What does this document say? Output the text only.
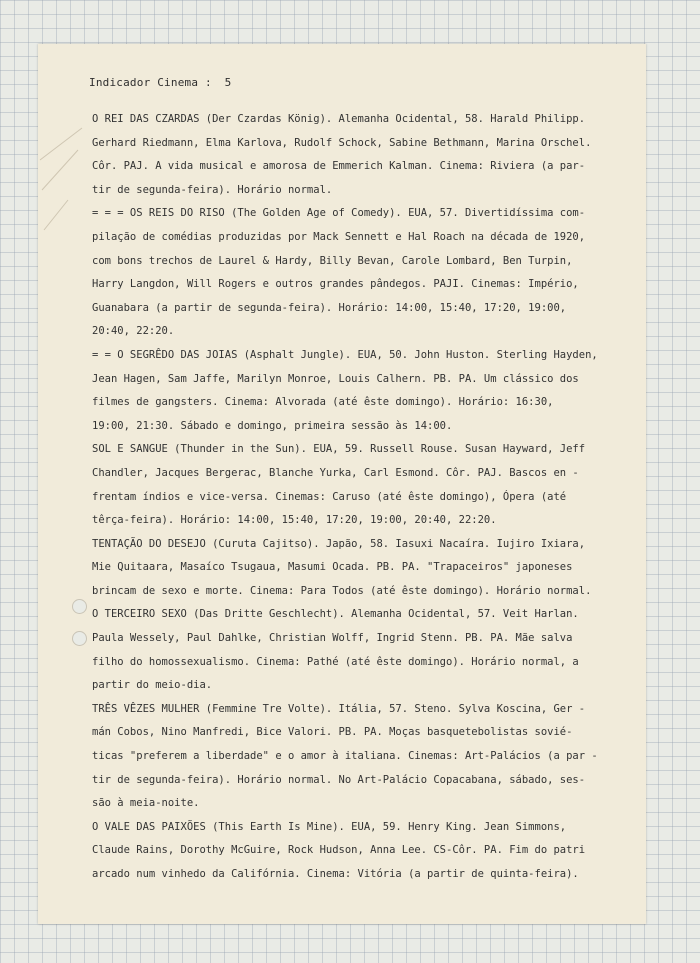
Indicador Cinema : 5
O REI DAS CZARDAS (Der Czardas König). Alemanha Ocidental, 58. Harald Philipp.
Gerhard Riedmann, Elma Karlova, Rudolf Schock, Sabine Bethmann, Marina Orschel.
Côr. PAJ. A vida musical e amorosa de Emmerich Kalman. Cinema: Riviera (a par-
tir de segunda-feira). Horário normal.
= = = OS REIS DO RISO (The Golden Age of Comedy). EUA, 57. Divertidíssima com-
pilação de comédias produzidas por Mack Sennett e Hal Roach na década de 1920,
com bons trechos de Laurel & Hardy, Billy Bevan, Carole Lombard, Ben Turpin,
Harry Langdon, Will Rogers e outros grandes pândegos. PAJI. Cinemas: Império,
Guanabara (a partir de segunda-feira). Horário: 14:00, 15:40, 17:20, 19:00,
20:40, 22:20.
= = O SEGRÊDO DAS JOIAS (Asphalt Jungle). EUA, 50. John Huston. Sterling Hayden,
Jean Hagen, Sam Jaffe, Marilyn Monroe, Louis Calhern. PB. PA. Um clássico dos
filmes de gangsters. Cinema: Alvorada (até êste domingo). Horário: 16:30,
19:00, 21:30. Sábado e domingo, primeira sessão às 14:00.
SOL E SANGUE (Thunder in the Sun). EUA, 59. Russell Rouse. Susan Hayward, Jeff
Chandler, Jacques Bergerac, Blanche Yurka, Carl Esmond. Côr. PAJ. Bascos en -
frentam índios e vice-versa. Cinemas: Caruso (até êste domingo), Ópera (até
têrça-feira). Horário: 14:00, 15:40, 17:20, 19:00, 20:40, 22:20.
TENTAÇÃO DO DESEJO (Curuta Cajitso). Japão, 58. Iasuxi Nacaíra. Iujiro Ixiara,
Mie Quitaara, Masaíco Tsugaua, Masumi Ocada. PB. PA. "Trapaceiros" japoneses
brincam de sexo e morte. Cinema: Para Todos (até êste domingo). Horário normal.
O TERCEIRO SEXO (Das Dritte Geschlecht). Alemanha Ocidental, 57. Veit Harlan.
Paula Wessely, Paul Dahlke, Christian Wolff, Ingrid Stenn. PB. PA. Mãe salva
filho do homossexualismo. Cinema: Pathé (até êste domingo). Horário normal, a
partir do meio-dia.
TRÊS VÊZES MULHER (Femmine Tre Volte). Itália, 57. Steno. Sylva Koscina, Ger -
mán Cobos, Nino Manfredi, Bice Valori. PB. PA. Moças basquetebolistas sovié-
ticas "preferem a liberdade" e o amor à italiana. Cinemas: Art-Palácios (a par -
tir de segunda-feira). Horário normal. No Art-Palácio Copacabana, sábado, ses-
são à meia-noite.
O VALE DAS PAIXÕES (This Earth Is Mine). EUA, 59. Henry King. Jean Simmons,
Claude Rains, Dorothy McGuire, Rock Hudson, Anna Lee. CS-Côr. PA. Fim do patri
arcado num vinhedo da Califórnia. Cinema: Vitória (a partir de quinta-feira).
